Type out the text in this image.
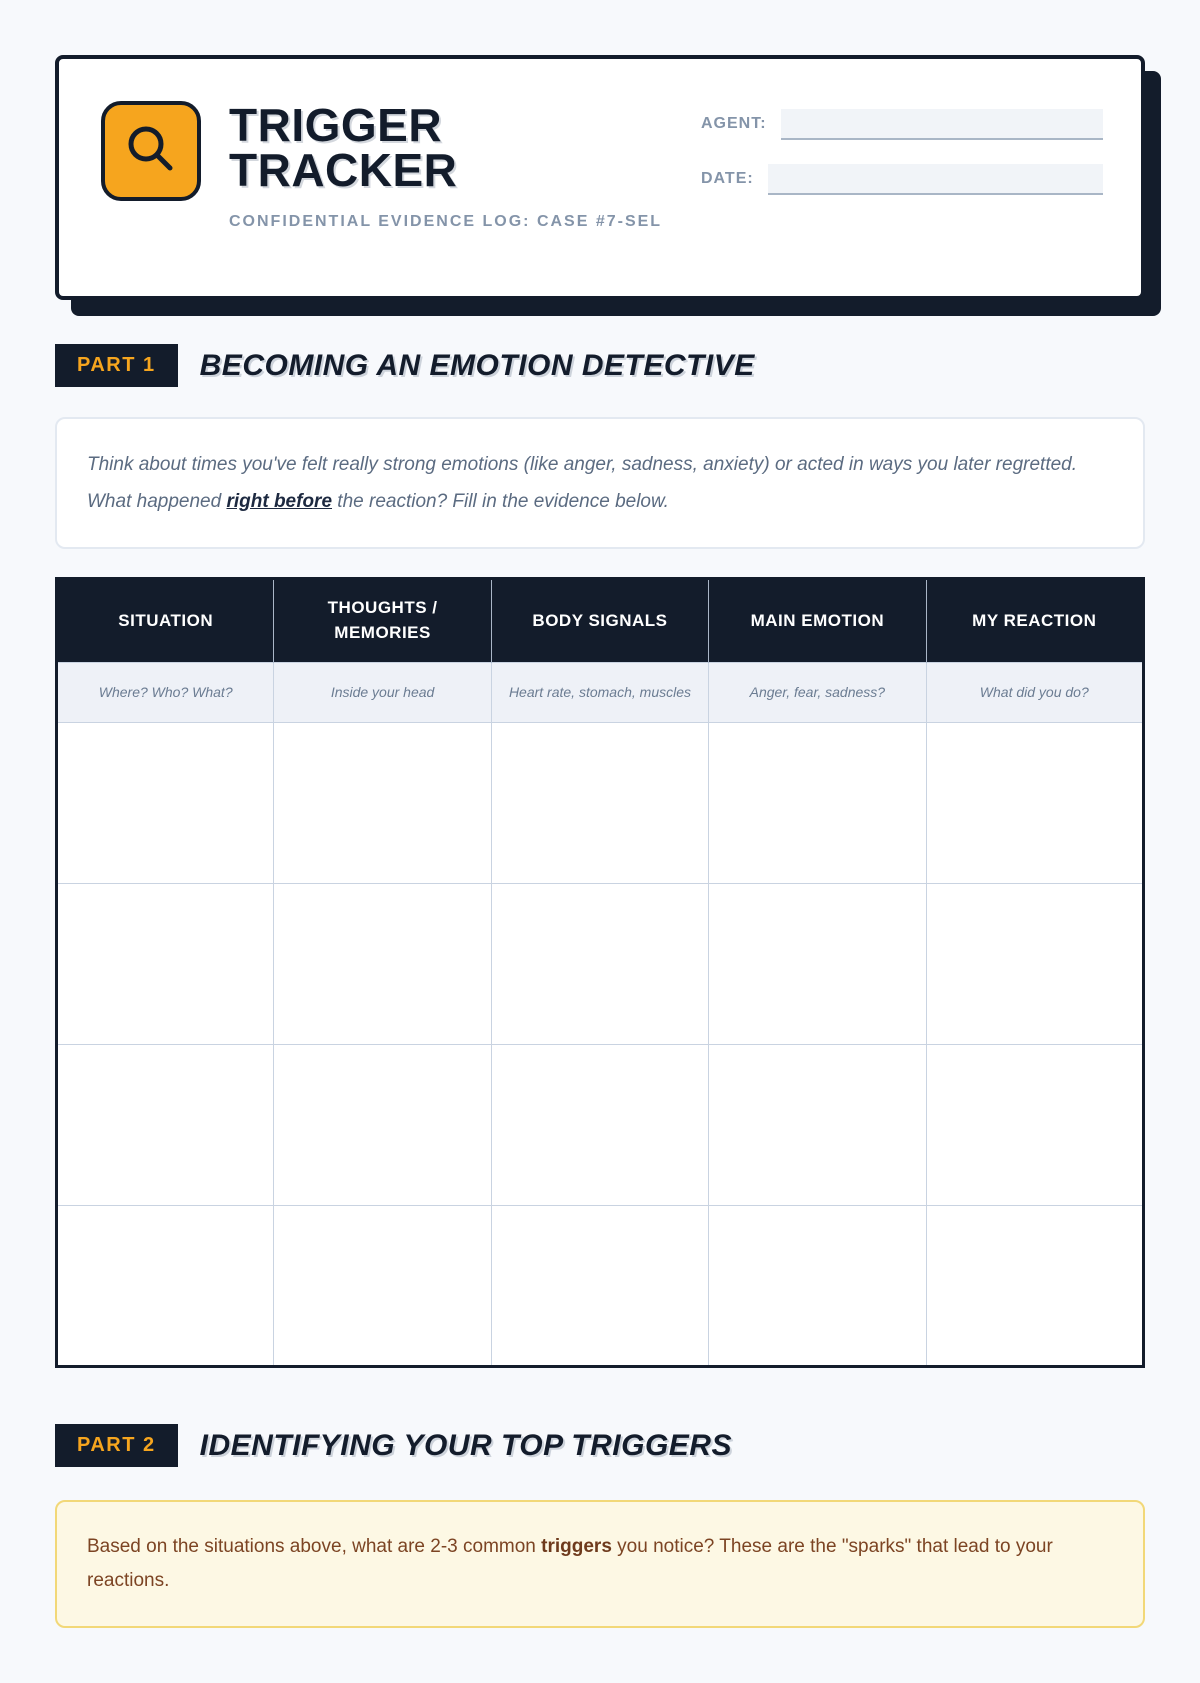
TRIGGER
TRACKER
CONFIDENTIAL EVIDENCE LOG: CASE #7-SEL
AGENT:
DATE:
PART 1	BECOMING AN EMOTION DETECTIVE
Think about times you've felt really strong emotions (like anger, sadness, anxiety) or acted in ways you later regretted. What happened right before the reaction? Fill in the evidence below.
SITUATION	THOUGHTS / MEMORIES	BODY SIGNALS	MAIN EMOTION	MY REACTION
Where? Who? What?	Inside your head	Heart rate, stomach, muscles	Anger, fear, sadness?	What did you do?

PART 2	IDENTIFYING YOUR TOP TRIGGERS
Based on the situations above, what are 2-3 common triggers you notice? These are the "sparks" that lead to your reactions.
